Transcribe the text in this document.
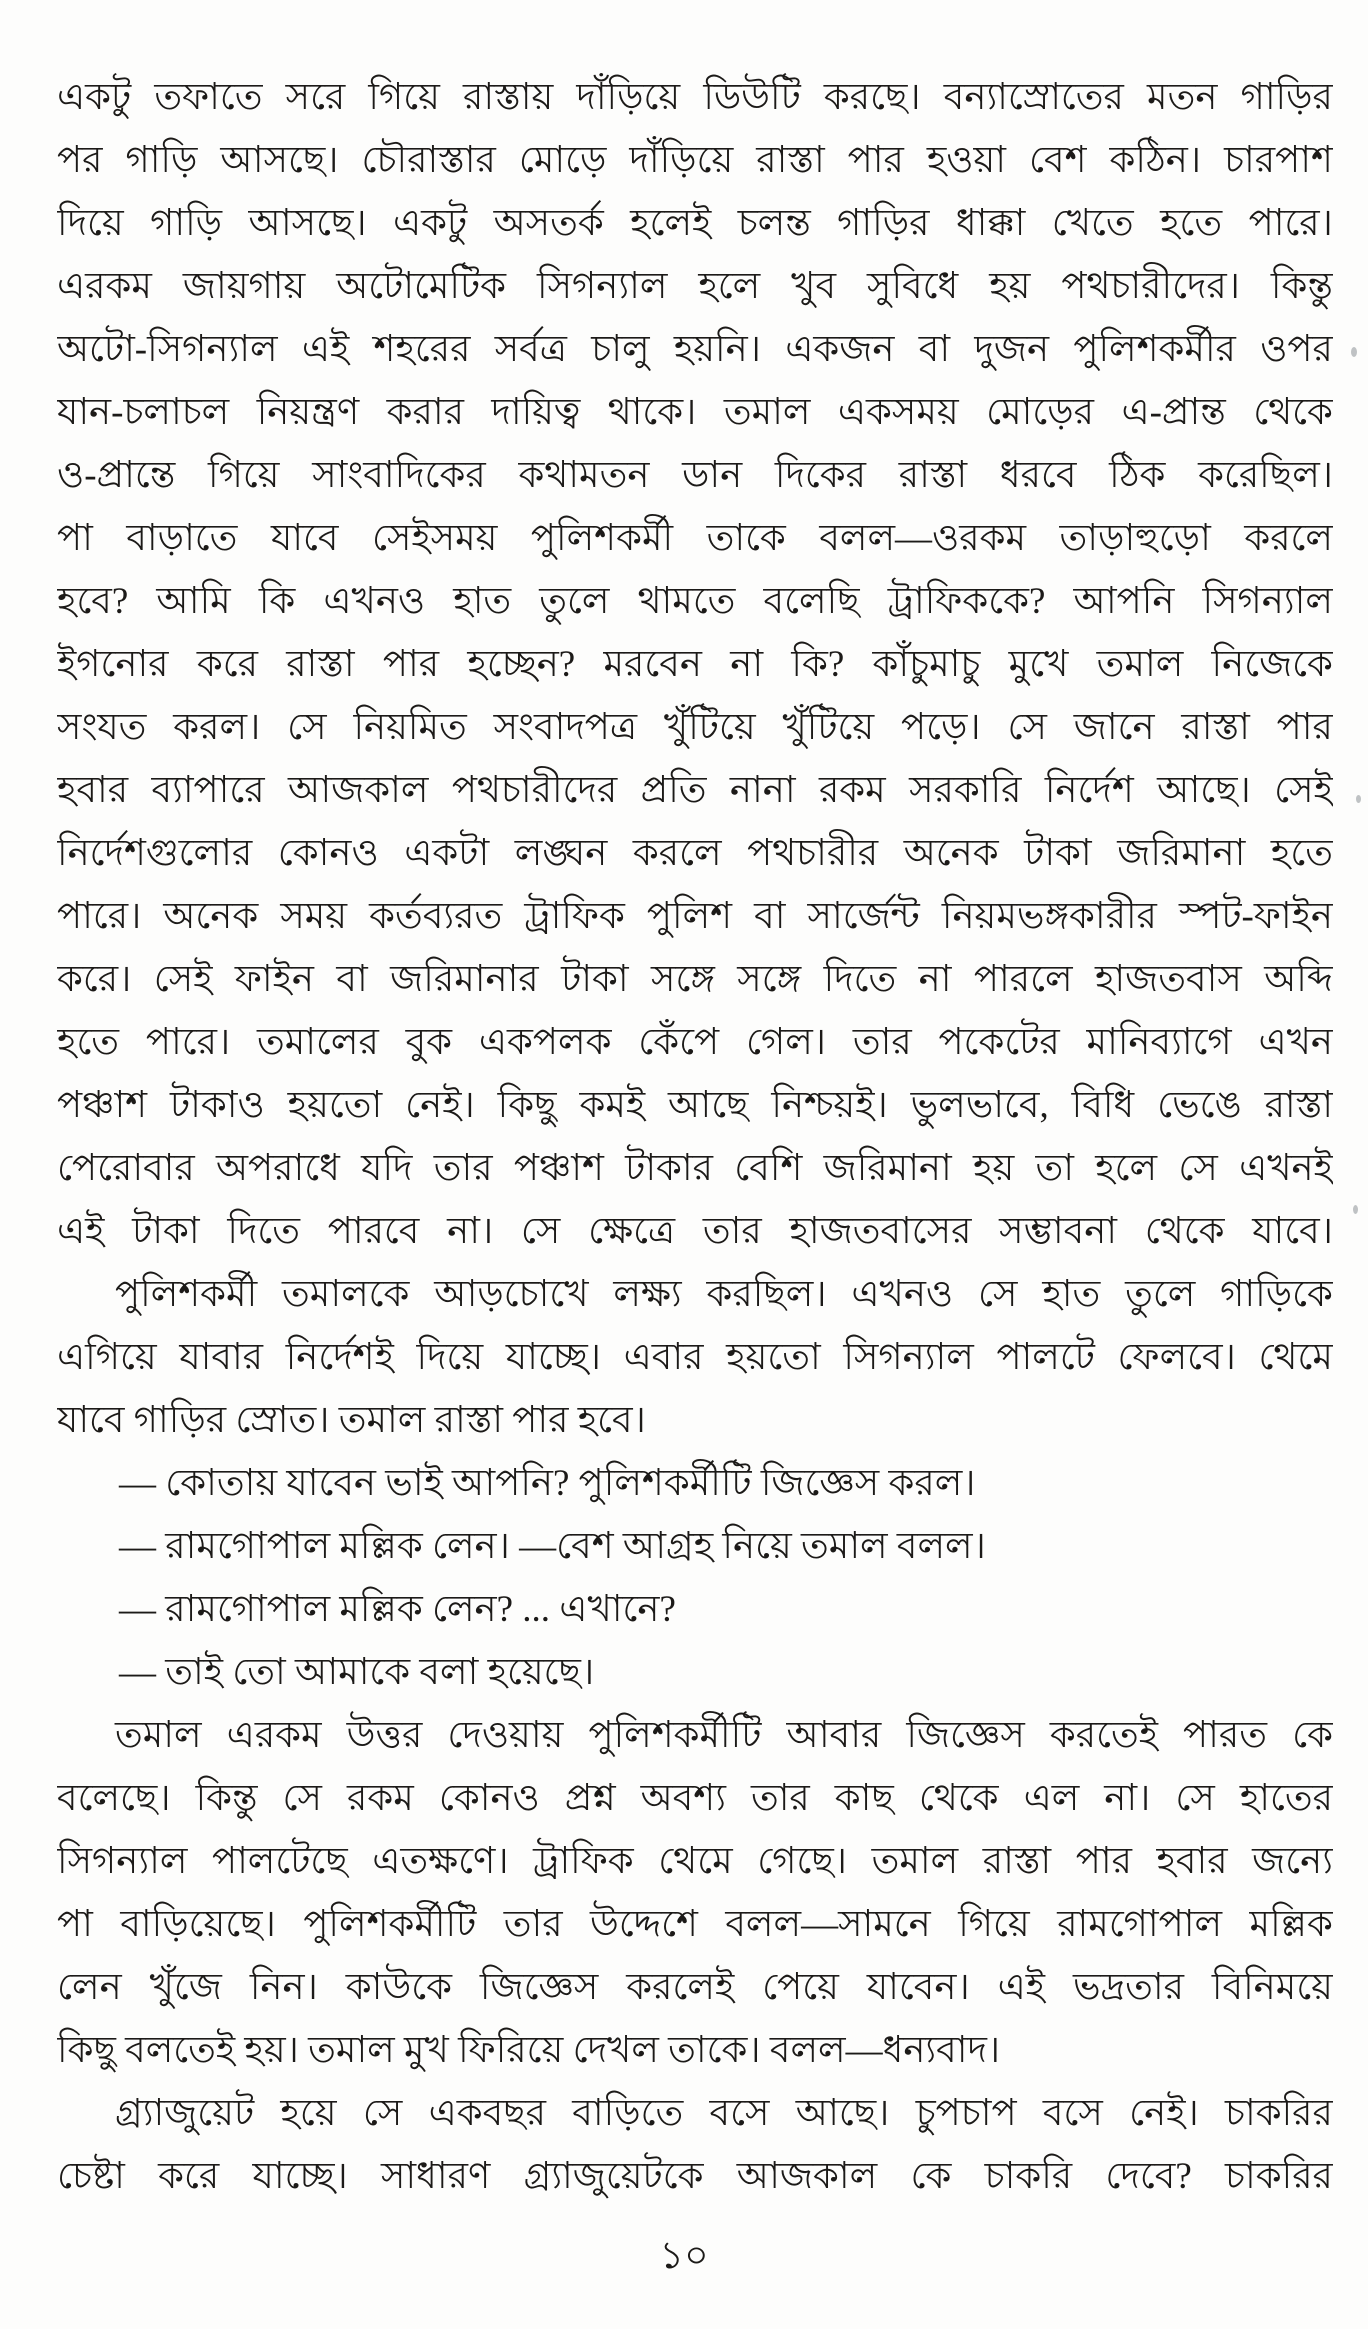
একটু তফাতে সরে গিয়ে রাস্তায় দাঁড়িয়ে ডিউটি করছে। বন্যাস্রোতের মতন গাড়ির
পর গাড়ি আসছে। চৌরাস্তার মোড়ে দাঁড়িয়ে রাস্তা পার হওয়া বেশ কঠিন। চারপাশ
দিয়ে গাড়ি আসছে। একটু অসতর্ক হলেই চলন্ত গাড়ির ধাক্কা খেতে হতে পারে।
এরকম জায়গায় অটোমেটিক সিগন্যাল হলে খুব সুবিধে হয় পথচারীদের। কিন্তু
অটো-সিগন্যাল এই শহরের সর্বত্র চালু হয়নি। একজন বা দুজন পুলিশকর্মীর ওপর
যান-চলাচল নিয়ন্ত্রণ করার দায়িত্ব থাকে। তমাল একসময় মোড়ের এ-প্রান্ত থেকে
ও-প্রান্তে গিয়ে সাংবাদিকের কথামতন ডান দিকের রাস্তা ধরবে ঠিক করেছিল।
পা বাড়াতে যাবে সেইসময় পুলিশকর্মী তাকে বলল—ওরকম তাড়াহুড়ো করলে
হবে? আমি কি এখনও হাত তুলে থামতে বলেছি ট্রাফিককে? আপনি সিগন্যাল
ইগনোর করে রাস্তা পার হচ্ছেন? মরবেন না কি? কাঁচুমাচু মুখে তমাল নিজেকে
সংযত করল। সে নিয়মিত সংবাদপত্র খুঁটিয়ে খুঁটিয়ে পড়ে। সে জানে রাস্তা পার
হবার ব্যাপারে আজকাল পথচারীদের প্রতি নানা রকম সরকারি নির্দেশ আছে। সেই
নির্দেশগুলোর কোনও একটা লঙ্ঘন করলে পথচারীর অনেক টাকা জরিমানা হতে
পারে। অনেক সময় কর্তব্যরত ট্রাফিক পুলিশ বা সার্জেন্ট নিয়মভঙ্গকারীর স্পট-ফাইন
করে। সেই ফাইন বা জরিমানার টাকা সঙ্গে সঙ্গে দিতে না পারলে হাজতবাস অব্দি
হতে পারে। তমালের বুক একপলক কেঁপে গেল। তার পকেটের মানিব্যাগে এখন
পঞ্চাশ টাকাও হয়তো নেই। কিছু কমই আছে নিশ্চয়ই। ভুলভাবে, বিধি ভেঙে রাস্তা
পেরোবার অপরাধে যদি তার পঞ্চাশ টাকার বেশি জরিমানা হয় তা হলে সে এখনই
এই টাকা দিতে পারবে না। সে ক্ষেত্রে তার হাজতবাসের সম্ভাবনা থেকে যাবে।
পুলিশকর্মী তমালকে আড়চোখে লক্ষ্য করছিল। এখনও সে হাত তুলে গাড়িকে
এগিয়ে যাবার নির্দেশই দিয়ে যাচ্ছে। এবার হয়তো সিগন্যাল পালটে ফেলবে। থেমে
যাবে গাড়ির স্রোত। তমাল রাস্তা পার হবে।
— কোতায় যাবেন ভাই আপনি? পুলিশকর্মীটি জিজ্ঞেস করল।
— রামগোপাল মল্লিক লেন। —বেশ আগ্রহ নিয়ে তমাল বলল।
— রামগোপাল মল্লিক লেন? ... এখানে?
— তাই তো আমাকে বলা হয়েছে।
তমাল এরকম উত্তর দেওয়ায় পুলিশকর্মীটি আবার জিজ্ঞেস করতেই পারত কে
বলেছে। কিন্তু সে রকম কোনও প্রশ্ন অবশ্য তার কাছ থেকে এল না। সে হাতের
সিগন্যাল পালটেছে এতক্ষণে। ট্রাফিক থেমে গেছে। তমাল রাস্তা পার হবার জন্যে
পা বাড়িয়েছে। পুলিশকর্মীটি তার উদ্দেশে বলল—সামনে গিয়ে রামগোপাল মল্লিক
লেন খুঁজে নিন। কাউকে জিজ্ঞেস করলেই পেয়ে যাবেন। এই ভদ্রতার বিনিময়ে
কিছু বলতেই হয়। তমাল মুখ ফিরিয়ে দেখল তাকে। বলল—ধন্যবাদ।
গ্র্যাজুয়েট হয়ে সে একবছর বাড়িতে বসে আছে। চুপচাপ বসে নেই। চাকরির
চেষ্টা করে যাচ্ছে। সাধারণ গ্র্যাজুয়েটকে আজকাল কে চাকরি দেবে? চাকরির
১০
